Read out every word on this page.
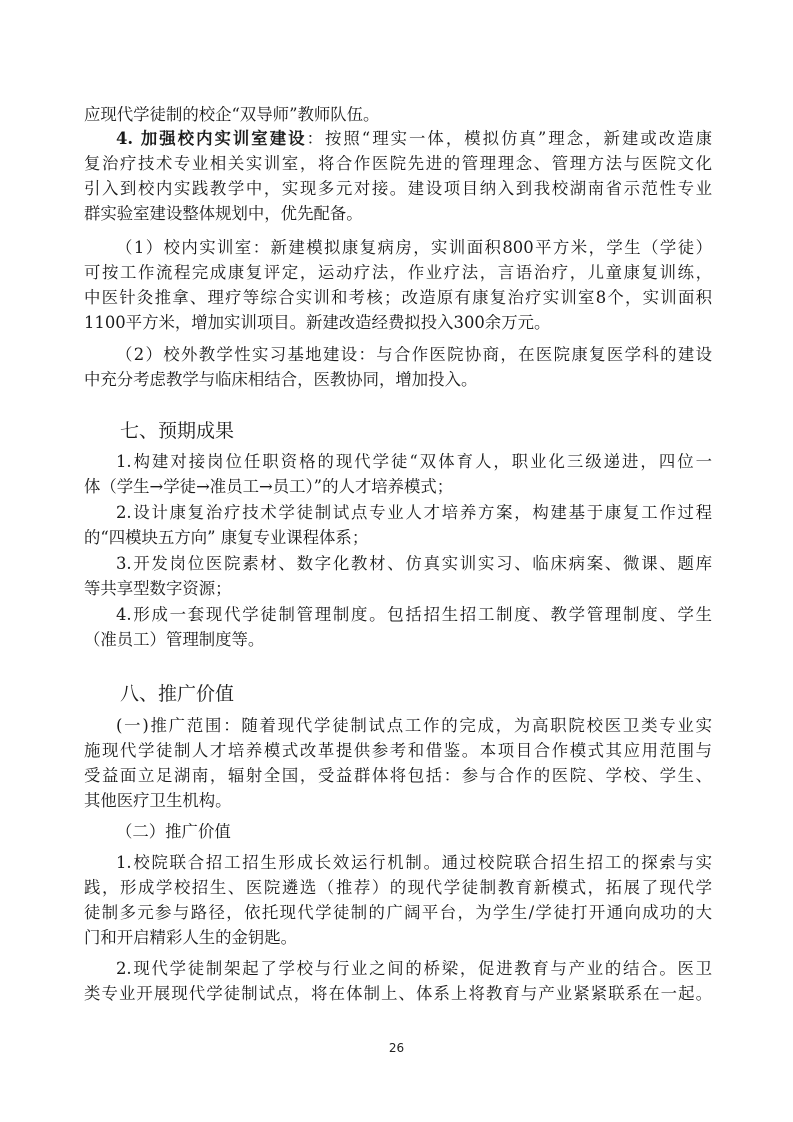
应现代学徒制的校企“双导师”教师队伍。
4. 加强校内实训室建设：按照“理实一体，模拟仿真”理念，新建或改造康
复治疗技术专业相关实训室，将合作医院先进的管理理念、管理方法与医院文化
引入到校内实践教学中，实现多元对接。建设项目纳入到我校湖南省示范性专业
群实验室建设整体规划中，优先配备。
（1）校内实训室：新建模拟康复病房，实训面积800平方米，学生（学徒）
可按工作流程完成康复评定，运动疗法，作业疗法，言语治疗，儿童康复训练，
中医针灸推拿、理疗等综合实训和考核；改造原有康复治疗实训室8个，实训面积
1100平方米，增加实训项目。新建改造经费拟投入300余万元。
（2）校外教学性实习基地建设：与合作医院协商，在医院康复医学科的建设
中充分考虑教学与临床相结合，医教协同，增加投入。
七、预期成果
1.构建对接岗位任职资格的现代学徒“双体育人，职业化三级递进，四位一
体（学生→学徒→准员工→员工）”的人才培养模式；
2.设计康复治疗技术学徒制试点专业人才培养方案，构建基于康复工作过程
的“四模块五方向” 康复专业课程体系；
3.开发岗位医院素材、数字化教材、仿真实训实习、临床病案、微课、题库
等共享型数字资源；
4.形成一套现代学徒制管理制度。包括招生招工制度、教学管理制度、学生
（准员工）管理制度等。
八、推广价值
(一)推广范围：随着现代学徒制试点工作的完成，为高职院校医卫类专业实
施现代学徒制人才培养模式改革提供参考和借鉴。本项目合作模式其应用范围与
受益面立足湖南，辐射全国，受益群体将包括：参与合作的医院、学校、学生、
其他医疗卫生机构。
（二）推广价值
1.校院联合招工招生形成长效运行机制。通过校院联合招生招工的探索与实
践，形成学校招生、医院遴选（推荐）的现代学徒制教育新模式，拓展了现代学
徒制多元参与路径，依托现代学徒制的广阔平台，为学生/学徒打开通向成功的大
门和开启精彩人生的金钥匙。
2.现代学徒制架起了学校与行业之间的桥梁，促进教育与产业的结合。医卫
类专业开展现代学徒制试点，将在体制上、体系上将教育与产业紧紧联系在一起。
26
